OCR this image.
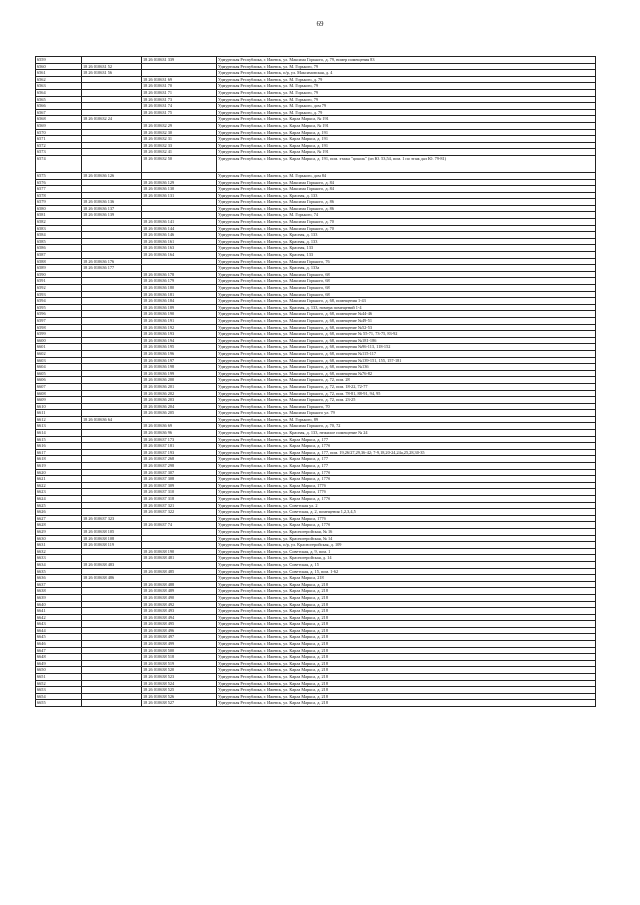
69
6559		18 26 010631 339	Удмуртская Республика, г. Ижевск, ул. Максима Горького, д. 79, номер помещения 83
6560	18 26 010631 52		Удмуртская Республика, г. Ижевск, ул. М. Горького, 79
6561	18 26 010631 56		Удмуртская Республика, г. Ижевск, п/р, ул. Максимовская, д. 4
6562		18 26 010631 69	Удмуртская Республика, г. Ижевск, ул. М. Горького, д. 79
6563		18 26 010631 70	Удмуртская Республика, г. Ижевск, ул. М. Горького, 79
6564		18 26 010631 71	Удмуртская Республика, г. Ижевск, ул. М. Горького, 79
6565		18 26 010631 73	Удмуртская Республика, г. Ижевск, ул. М. Горького, 79
6566		18 26 010631 74	Удмуртская Республика, г. Ижевск, ул. М. Горького, дом 79
6567		18 26 010631 75	Удмуртская Республика, г. Ижевск, ул. М. Горького, д. 79
6568	18 26 010632 24		Удмуртская Республика, г. Ижевск, ул. Карла Маркса, № 191
6569		18 26 010632 29	Удмуртская Республика, г. Ижевск, ул. Карла Маркса, № 191
6570		18 26 010632 30	Удмуртская Республика, г. Ижевск, ул. Карла Маркса, д. 191
6571		18 26 010632 31	Удмуртская Республика, г. Ижевск, ул. Карла Маркса, д. 191
6572		18 26 010632 33	Удмуртская Республика, г. Ижевск, ул. Карла Маркса, д. 191
6573		18 26 010632 41	Удмуртская Республика, г. Ижевск, ул. Карла Маркса, № 191
6574		18 26 010632 50	Удмуртская Республика, г. Ижевск, ул. Карла Маркса, д. 191, пом. этажа "цоколь" (из Ю. 53,54, пом. 1 по этаж дал Ю. 79-81)
6575	18 26 010636 126		Удмуртская Республика, г. Ижевск, ул. М. Горького, дом 84
6576		18 26 010636 129	Удмуртская Республика, г. Ижевск, ул. Максима Горького, д. 84
6577		18 26 010636 130	Удмуртская Республика, г. Ижевск, ул. Максима Горького, д. 84
6578		18 26 010636 131	Удмуртская Республика, г. Ижевск, ул. Красная, д. 133
6579	18 26 010636 136		Удмуртская Республика, г. Ижевск, ул. Максима Горького, д. 86
6580	18 26 010636 137		Удмуртская Республика, г. Ижевск, ул. Максима Горького, д. 86
6581	18 26 010636 139		Удмуртская Республика, г. Ижевск, ул. М. Горького, 74
6582		18 26 010636 141	Удмуртская Республика, г. Ижевск, ул. Максима Горького, д. 70
6583		18 26 010636 144	Удмуртская Республика, г. Ижевск, ул. Максима Горького, д. 70
6584		18 26 010636 146	Удмуртская Республика, г. Ижевск, ул. Красная, д. 133
6585		18 26 010636 161	Удмуртская Республика, г. Ижевск, ул. Красная, д. 133
6586		18 26 010636 163	Удмуртская Республика, г. Ижевск, ул. Красная, 133
6587		18 26 010636 164	Удмуртская Республика, г. Ижевск, ул. Красная, 133
6588	18 26 010636 176		Удмуртская Республика, г. Ижевск, ул. Максима Горького, 76
6589	18 26 010636 177		Удмуртская Республика, г. Ижевск, ул. Красная, д. 133а
6590		18 26 010636 178	Удмуртская Республика, г. Ижевск, ул. Максима Горького, 68
6591		18 26 010636 179	Удмуртская Республика, г. Ижевск, ул. Максима Горького, 68
6592		18 26 010636 180	Удмуртская Республика, г. Ижевск, ул. Максима Горького, 68
6593		18 26 010636 181	Удмуртская Республика, г. Ижевск, ул. Максима Горького, 68
6594		18 26 010636 184	Удмуртская Республика, г. Ижевск, ул. Максима Горького, д. 68, помещения 1-43
6595		18 26 010636 189	Удмуртская Республика, г. Ижевск, ул. Красная, д. 133, номера помещений 1-4
6596		18 26 010636 190	Удмуртская Республика, г. Ижевск, ул. Максима Горького, д. 68, помещение №44-46
6597		18 26 010636 191	Удмуртская Республика, г. Ижевск, ул. Максима Горького, д. 68, помещение №49-51
6598		18 26 010636 192	Удмуртская Республика, г. Ижевск, ул. Максима Горького, д. 68, помещение №52-53
6599		18 26 010636 193	Удмуртская Республика, г. Ижевск, ул. Максима Горького, д. 68, помещение № 55-71, 73-75, 83-92
6600		18 26 010636 194	Удмуртская Республика, г. Ижевск, ул. Максима Горького, д. 68, помещения №181-186
6601		18 26 010636 195	Удмуртская Республика, г. Ижевск, ул. Максима Горького, д. 68, помещения №96-113, 118-152
6602		18 26 010636 196	Удмуртская Республика, г. Ижевск, ул. Максима Горького, д. 68, помещения №115-117
6603		18 26 010636 197	Удмуртская Республика, г. Ижевск, ул. Максима Горького, д. 68, помещения №139-151, 155, 157-181
6604		18 26 010636 198	Удмуртская Республика, г. Ижевск, ул. Максима Горького, д. 68, помещения №136
6605		18 26 010636 199	Удмуртская Республика, г. Ижевск, ул. Максима Горького, д. 68, помещения №76-82
6606		18 26 010636 200	Удмуртская Республика, г. Ижевск, ул. Максима Горького, д. 72, пом. 28
6607		18 26 010636 201	Удмуртская Республика, г. Ижевск, ул. Максима Горького, д. 72, пом. 18-22, 72-77
6608		18 26 010636 202	Удмуртская Республика, г. Ижевск, ул. Максима Горького, д. 72, пом. 78-81, 88-91, 94, 95
6609		18 26 010636 203	Удмуртская Республика, г. Ижевск, ул. Максима Горького, д. 72, пом. 23-25
6610		18 26 010636 204	Удмуртская Республика, г. Ижевск, ул. Максима Горького, 70
6611		18 26 010636 205	Удмуртская Республика, г. Ижевск, ул. Максима Горького ул. 79
6612	18 26 010636 64		Удмуртская Республика, г. Ижевск, ул. М. Горького, 89
6613		18 26 010636 69	Удмуртская Республика, г. Ижевск, ул. Максима Горького, д. 70, 72
6614		18 26 010636 96	Удмуртская Республика, г. Ижевск, ул. Красная, д. 133, нежилое помещение № 24
6615		18 26 010637 173	Удмуртская Республика, г. Ижевск, ул. Карла Маркса, д. 177
6616		18 26 010637 181	Удмуртская Республика, г. Ижевск, ул. Карла Маркса, д. 177б
6617		18 26 010637 193	Удмуртская Республика, г. Ижевск, ул. Карла Маркса, д. 177, пом. 19,26/27,29,36-42; 7-9,18,20-24,24а,25,28,30-35
6618		18 26 010637 268	Удмуртская Республика, г. Ижевск, ул. Карла Маркса, д. 177
6619		18 26 010637 298	Удмуртская Республика, г. Ижевск, ул. Карла Маркса, д. 177
6620		18 26 010637 307	Удмуртская Республика, г. Ижевск, ул. Карла Маркса, д. 177б
6621		18 26 010637 308	Удмуртская Республика, г. Ижевск, ул. Карла Маркса, д. 177б
6622		18 26 010637 309	Удмуртская Республика, г. Ижевск, ул. Карла Маркса, 177б
6623		18 26 010637 310	Удмуртская Республика, г. Ижевск, ул. Карла Маркса, 177б
6624		18 26 010637 318	Удмуртская Республика, г. Ижевск, ул. Карла Маркса, д. 177б
6625		18 26 010637 321	Удмуртская Республика, г. Ижевск, ул. Советская ул. 2
6626		18 26 010637 322	Удмуртская Республика, г. Ижевск, ул. Советская, д. 2, помещения 1,2,3,4,5
6627	18 26 010637 323		Удмуртская Республика, г. Ижевск, ул. Карла Маркса, 177б
6628		18 26 010637 74	Удмуртская Республика, г. Ижевск, ул. Карла Маркса, д. 177б
6629	18 26 010638 105		Удмуртская Республика, г. Ижевск, ул. Красногеройская, № 16
6630	18 26 010638 108		Удмуртская Республика, г. Ижевск, ул. Красногеройская, № 14
6631	18 26 010638 119		Удмуртская Республика, г. Ижевск, п/р, ул. Красногеройская, д. 109
6632		18 26 010638 190	Удмуртская Республика, г. Ижевск, ул. Советская, д. 9, пом. 1
6633		18 26 010638 481	Удмуртская Республика, г. Ижевск, ул. Красногеройская, д. 14
6634	18 26 010638 483		Удмуртская Республика, г. Ижевск, ул. Советская, д. 15
6635		18 26 010638 485	Удмуртская Республика, г. Ижевск, ул. Советская, д. 15, пом. 1-62
6636	18 26 010638 486		Удмуртская Республика, г. Ижевск, ул. Карла Маркса, 218
6637		18 26 010638 488	Удмуртская Республика, г. Ижевск, ул. Карла Маркса, д. 218
6638		18 26 010638 489	Удмуртская Республика, г. Ижевск, ул. Карла Маркса, д. 218
6639		18 26 010638 490	Удмуртская Республика, г. Ижевск, ул. Карла Маркса, д. 218
6640		18 26 010638 492	Удмуртская Республика, г. Ижевск, ул. Карла Маркса, д. 218
6641		18 26 010638 493	Удмуртская Республика, г. Ижевск, ул. Карла Маркса, д. 218
6642		18 26 010638 494	Удмуртская Республика, г. Ижевск, ул. Карла Маркса, д. 218
6643		18 26 010638 495	Удмуртская Республика, г. Ижевск, ул. Карла Маркса, д. 218
6644		18 26 010638 496	Удмуртская Республика, г. Ижевск, ул. Карла Маркса, д. 218
6645		18 26 010638 497	Удмуртская Республика, г. Ижевск, ул. Карла Маркса, д. 218
6646		18 26 010638 499	Удмуртская Республика, г. Ижевск, ул. Карла Маркса, д. 218
6647		18 26 010638 500	Удмуртская Республика, г. Ижевск, ул. Карла Маркса, д. 218
6648		18 26 010638 518	Удмуртская Республика, г. Ижевск, ул. Карла Маркса, д. 218
6649		18 26 010638 519	Удмуртская Республика, г. Ижевск, ул. Карла Маркса, д. 218
6650		18 26 010638 520	Удмуртская Республика, г. Ижевск, ул. Карла Маркса, д. 218
6651		18 26 010638 523	Удмуртская Республика, г. Ижевск, ул. Карла Маркса, д. 218
6652		18 26 010638 524	Удмуртская Республика, г. Ижевск, ул. Карла Маркса, д. 218
6653		18 26 010638 525	Удмуртская Республика, г. Ижевск, ул. Карла Маркса, д. 218
6654		18 26 010638 526	Удмуртская Республика, г. Ижевск, ул. Карла Маркса, д. 218
6655		18 26 010638 527	Удмуртская Республика, г. Ижевск, ул. Карла Маркса, д. 218
